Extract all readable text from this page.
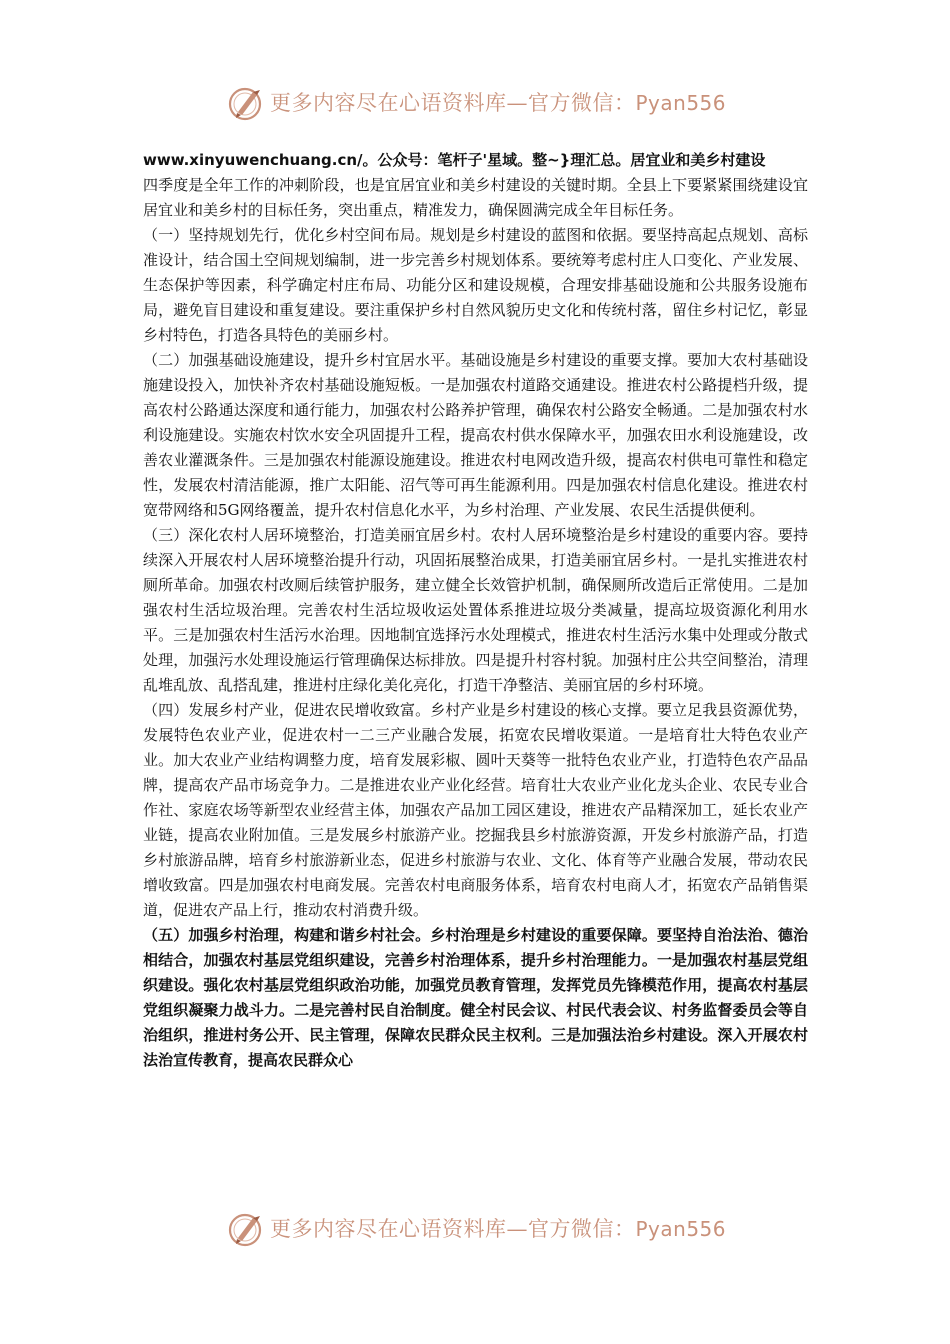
更多内容尽在心语资料库—官方微信：Pyan556

www.xinyuwenchuang.cn/。公众号：笔杆子'星域。整~}理汇总。居宜业和美乡村建设

四季度是全年工作的冲刺阶段，也是宜居宜业和美乡村建设的关键时期。全县上下要紧紧围绕建设宜居宜业和美乡村的目标任务，突出重点，精准发力，确保圆满完成全年目标任务。

（一）坚持规划先行，优化乡村空间布局。规划是乡村建设的蓝图和依据。要坚持高起点规划、高标准设计，结合国土空间规划编制，进一步完善乡村规划体系。要统筹考虑村庄人口变化、产业发展、生态保护等因素，科学确定村庄布局、功能分区和建设规模，合理安排基础设施和公共服务设施布局，避免盲目建设和重复建设。要注重保护乡村自然风貌历史文化和传统村落，留住乡村记忆，彰显乡村特色，打造各具特色的美丽乡村。

（二）加强基础设施建设，提升乡村宜居水平。基础设施是乡村建设的重要支撑。要加大农村基础设施建设投入，加快补齐农村基础设施短板。一是加强农村道路交通建设。推进农村公路提档升级，提高农村公路通达深度和通行能力，加强农村公路养护管理，确保农村公路安全畅通。二是加强农村水利设施建设。实施农村饮水安全巩固提升工程，提高农村供水保障水平，加强农田水利设施建设，改善农业灌溉条件。三是加强农村能源设施建设。推进农村电网改造升级，提高农村供电可靠性和稳定性，发展农村清洁能源，推广太阳能、沼气等可再生能源利用。四是加强农村信息化建设。推进农村宽带网络和5G网络覆盖，提升农村信息化水平，为乡村治理、产业发展、农民生活提供便利。

（三）深化农村人居环境整治，打造美丽宜居乡村。农村人居环境整治是乡村建设的重要内容。要持续深入开展农村人居环境整治提升行动，巩固拓展整治成果，打造美丽宜居乡村。一是扎实推进农村厕所革命。加强农村改厕后续管护服务，建立健全长效管护机制，确保厕所改造后正常使用。二是加强农村生活垃圾治理。完善农村生活垃圾收运处置体系推进垃圾分类减量，提高垃圾资源化利用水平。三是加强农村生活污水治理。因地制宜选择污水处理模式，推进农村生活污水集中处理或分散式处理，加强污水处理设施运行管理确保达标排放。四是提升村容村貌。加强村庄公共空间整治，清理乱堆乱放、乱搭乱建，推进村庄绿化美化亮化，打造干净整洁、美丽宜居的乡村环境。

（四）发展乡村产业，促进农民增收致富。乡村产业是乡村建设的核心支撑。要立足我县资源优势，发展特色农业产业，促进农村一二三产业融合发展，拓宽农民增收渠道。一是培育壮大特色农业产业。加大农业产业结构调整力度，培育发展彩椒、圆叶天葵等一批特色农业产业，打造特色农产品品牌，提高农产品市场竞争力。二是推进农业产业化经营。培育壮大农业产业化龙头企业、农民专业合作社、家庭农场等新型农业经营主体，加强农产品加工园区建设，推进农产品精深加工，延长农业产业链，提高农业附加值。三是发展乡村旅游产业。挖掘我县乡村旅游资源，开发乡村旅游产品，打造乡村旅游品牌，培育乡村旅游新业态，促进乡村旅游与农业、文化、体育等产业融合发展，带动农民增收致富。四是加强农村电商发展。完善农村电商服务体系，培育农村电商人才，拓宽农产品销售渠道，促进农产品上行，推动农村消费升级。

（五）加强乡村治理，构建和谐乡村社会。乡村治理是乡村建设的重要保障。要坚持自治法治、德治相结合，加强农村基层党组织建设，完善乡村治理体系，提升乡村治理能力。一是加强农村基层党组织建设。强化农村基层党组织政治功能，加强党员教育管理，发挥党员先锋模范作用，提高农村基层党组织凝聚力战斗力。二是完善村民自治制度。健全村民会议、村民代表会议、村务监督委员会等自治组织，推进村务公开、民主管理，保障农民群众民主权利。三是加强法治乡村建设。深入开展农村法治宣传教育，提高农民群众心

更多内容尽在心语资料库—官方微信：Pyan556
